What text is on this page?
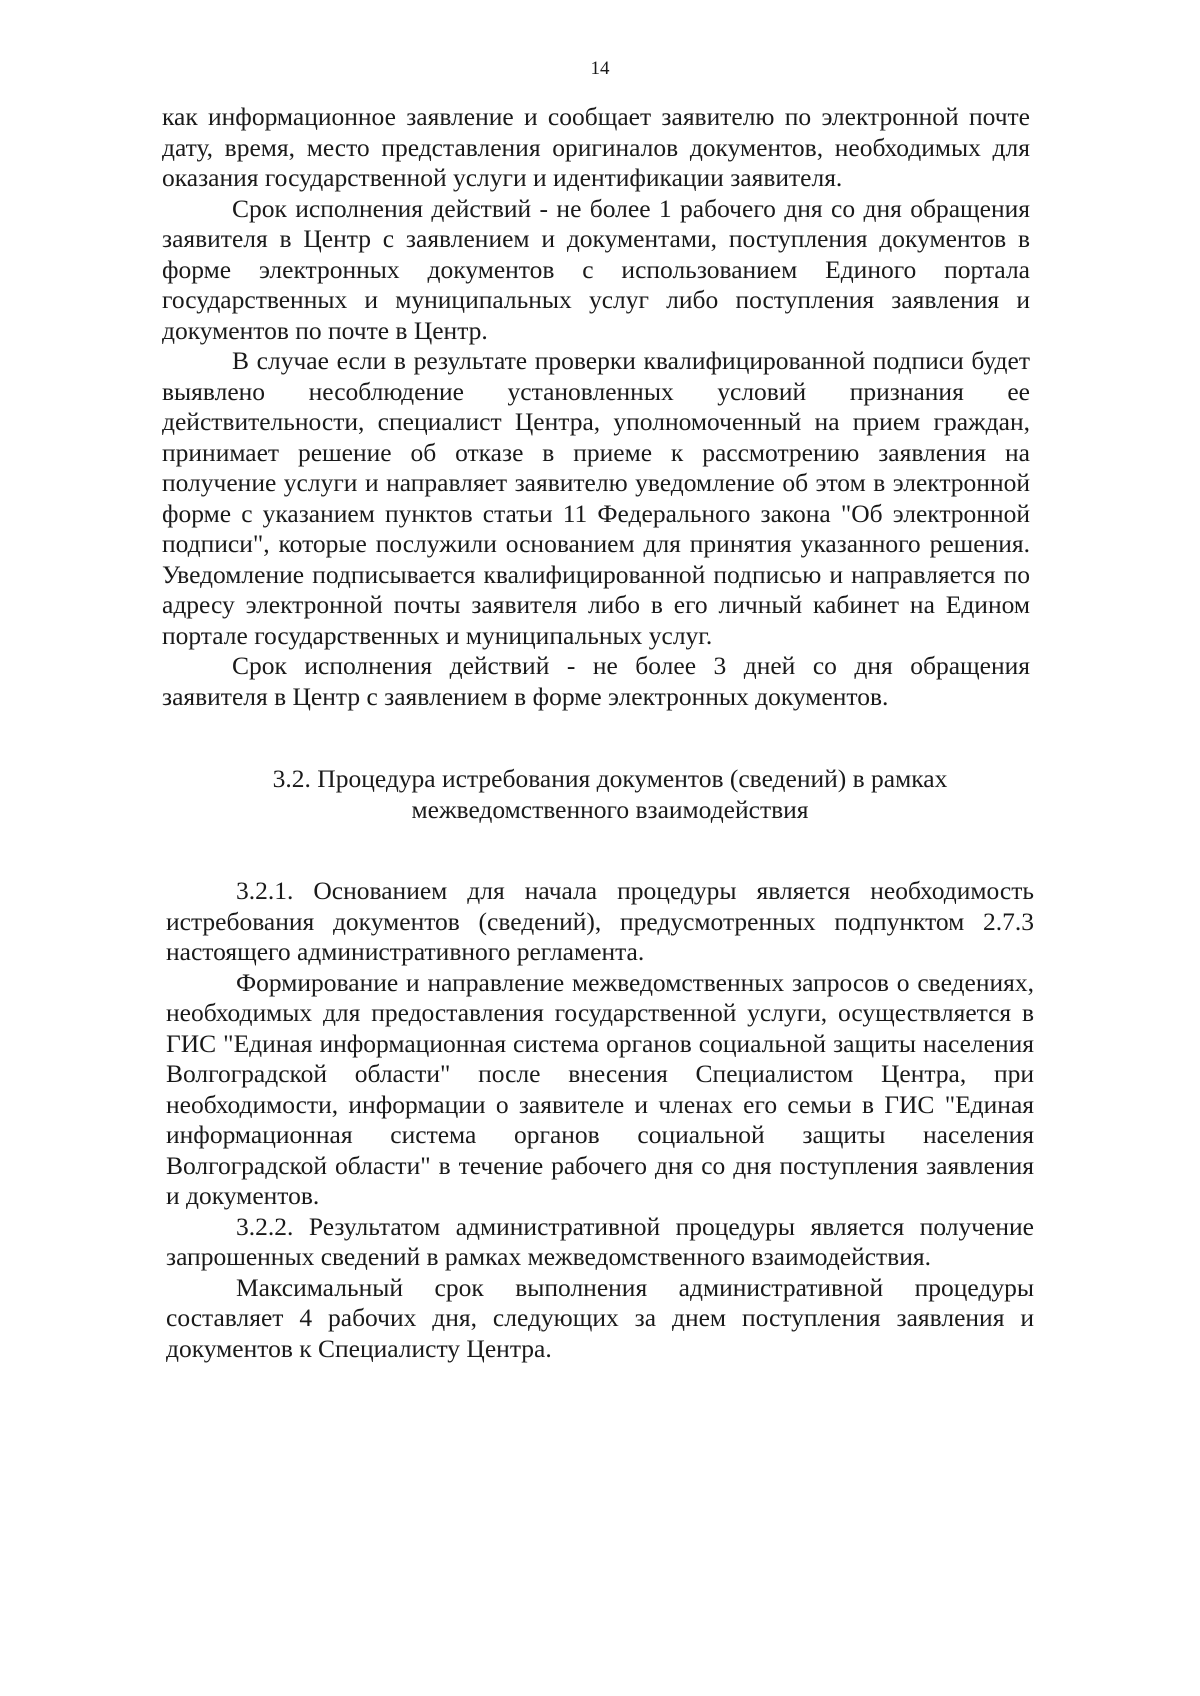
14

как информационное заявление и сообщает заявителю по электронной почте дату, время, место представления оригиналов документов, необходимых для оказания государственной услуги и идентификации заявителя.

Срок исполнения действий - не более 1 рабочего дня со дня обращения заявителя в Центр с заявлением и документами, поступления документов в форме электронных документов с использованием Единого портала государственных и муниципальных услуг либо поступления заявления и документов по почте в Центр.

В случае если в результате проверки квалифицированной подписи будет выявлено несоблюдение установленных условий признания ее действительности, специалист Центра, уполномоченный на прием граждан, принимает решение об отказе в приеме к рассмотрению заявления на получение услуги и направляет заявителю уведомление об этом в электронной форме с указанием пунктов статьи 11 Федерального закона "Об электронной подписи", которые послужили основанием для принятия указанного решения. Уведомление подписывается квалифицированной подписью и направляется по адресу электронной почты заявителя либо в его личный кабинет на Едином портале государственных и муниципальных услуг.

Срок исполнения действий - не более 3 дней со дня обращения заявителя в Центр с заявлением в форме электронных документов.

3.2. Процедура истребования документов (сведений) в рамках

межведомственного взаимодействия

3.2.1. Основанием для начала процедуры является необходимость истребования документов (сведений), предусмотренных подпунктом 2.7.3 настоящего административного регламента.

Формирование и направление межведомственных запросов о сведениях, необходимых для предоставления государственной услуги, осуществляется в ГИС "Единая информационная система органов социальной защиты населения Волгоградской области" после внесения Специалистом Центра, при необходимости, информации о заявителе и членах его семьи в ГИС "Единая информационная система органов социальной защиты населения Волгоградской области" в течение рабочего дня со дня поступления заявления и документов.

3.2.2. Результатом административной процедуры является получение запрошенных сведений в рамках межведомственного взаимодействия.

Максимальный срок выполнения административной процедуры составляет 4 рабочих дня, следующих за днем поступления заявления и документов к Специалисту Центра.
